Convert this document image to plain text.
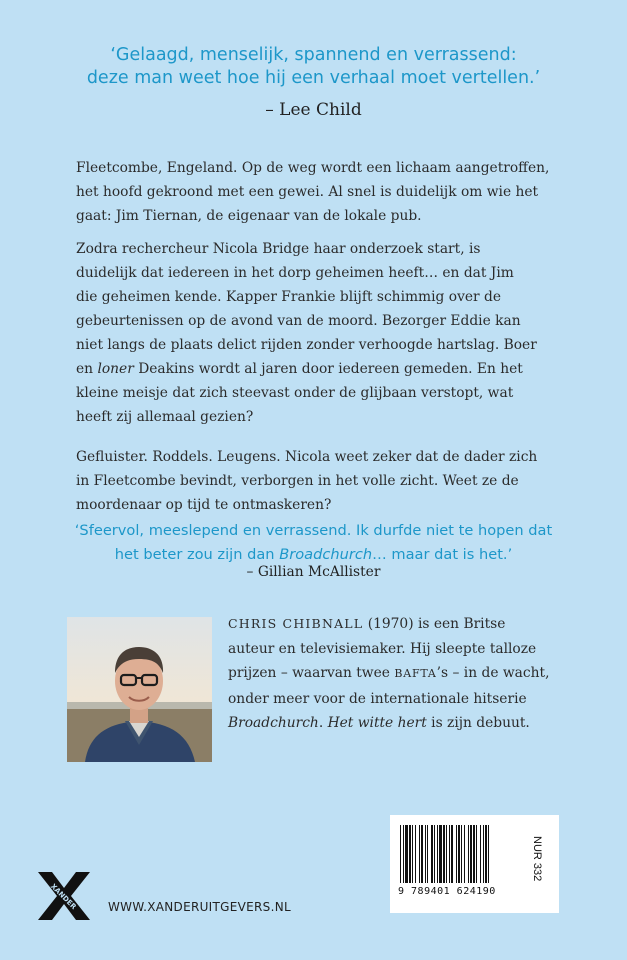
‘Gelaagd, menselijk, spannend en verrassend:
deze man weet hoe hij een verhaal moet vertellen.’
– Lee Child
Fleetcombe, Engeland. Op de weg wordt een lichaam aangetroffen,
het hoofd gekroond met een gewei. Al snel is duidelijk om wie het
gaat: Jim Tiernan, de eigenaar van de lokale pub.
Zodra rechercheur Nicola Bridge haar onderzoek start, is
duidelijk dat iedereen in het dorp geheimen heeft… en dat Jim
die geheimen kende. Kapper Frankie blijft schimmig over de
gebeurtenissen op de avond van de moord. Bezorger Eddie kan
niet langs de plaats delict rijden zonder verhoogde hartslag. Boer
en loner Deakins wordt al jaren door iedereen gemeden. En het
kleine meisje dat zich steevast onder de glijbaan verstopt, wat
heeft zij allemaal gezien?
Gefluister. Roddels. Leugens. Nicola weet zeker dat de dader zich
in Fleetcombe bevindt, verborgen in het volle zicht. Weet ze de
moordenaar op tijd te ontmaskeren?
‘Sfeervol, meeslepend en verrassend. Ik durfde niet te hopen dat
het beter zou zijn dan Broadchurch… maar dat is het.’
– Gillian McAllister
CHRIS CHIBNALL (1970) is een Britse
auteur en televisiemaker. Hij sleepte talloze
prijzen – waarvan twee BAFTA’s – in de wacht,
onder meer voor de internationale hitserie
Broadchurch. Het witte hert is zijn debuut.
XANDER	WWW.XANDERUITGEVERS.NL
9 789401 624190
NUR 332
